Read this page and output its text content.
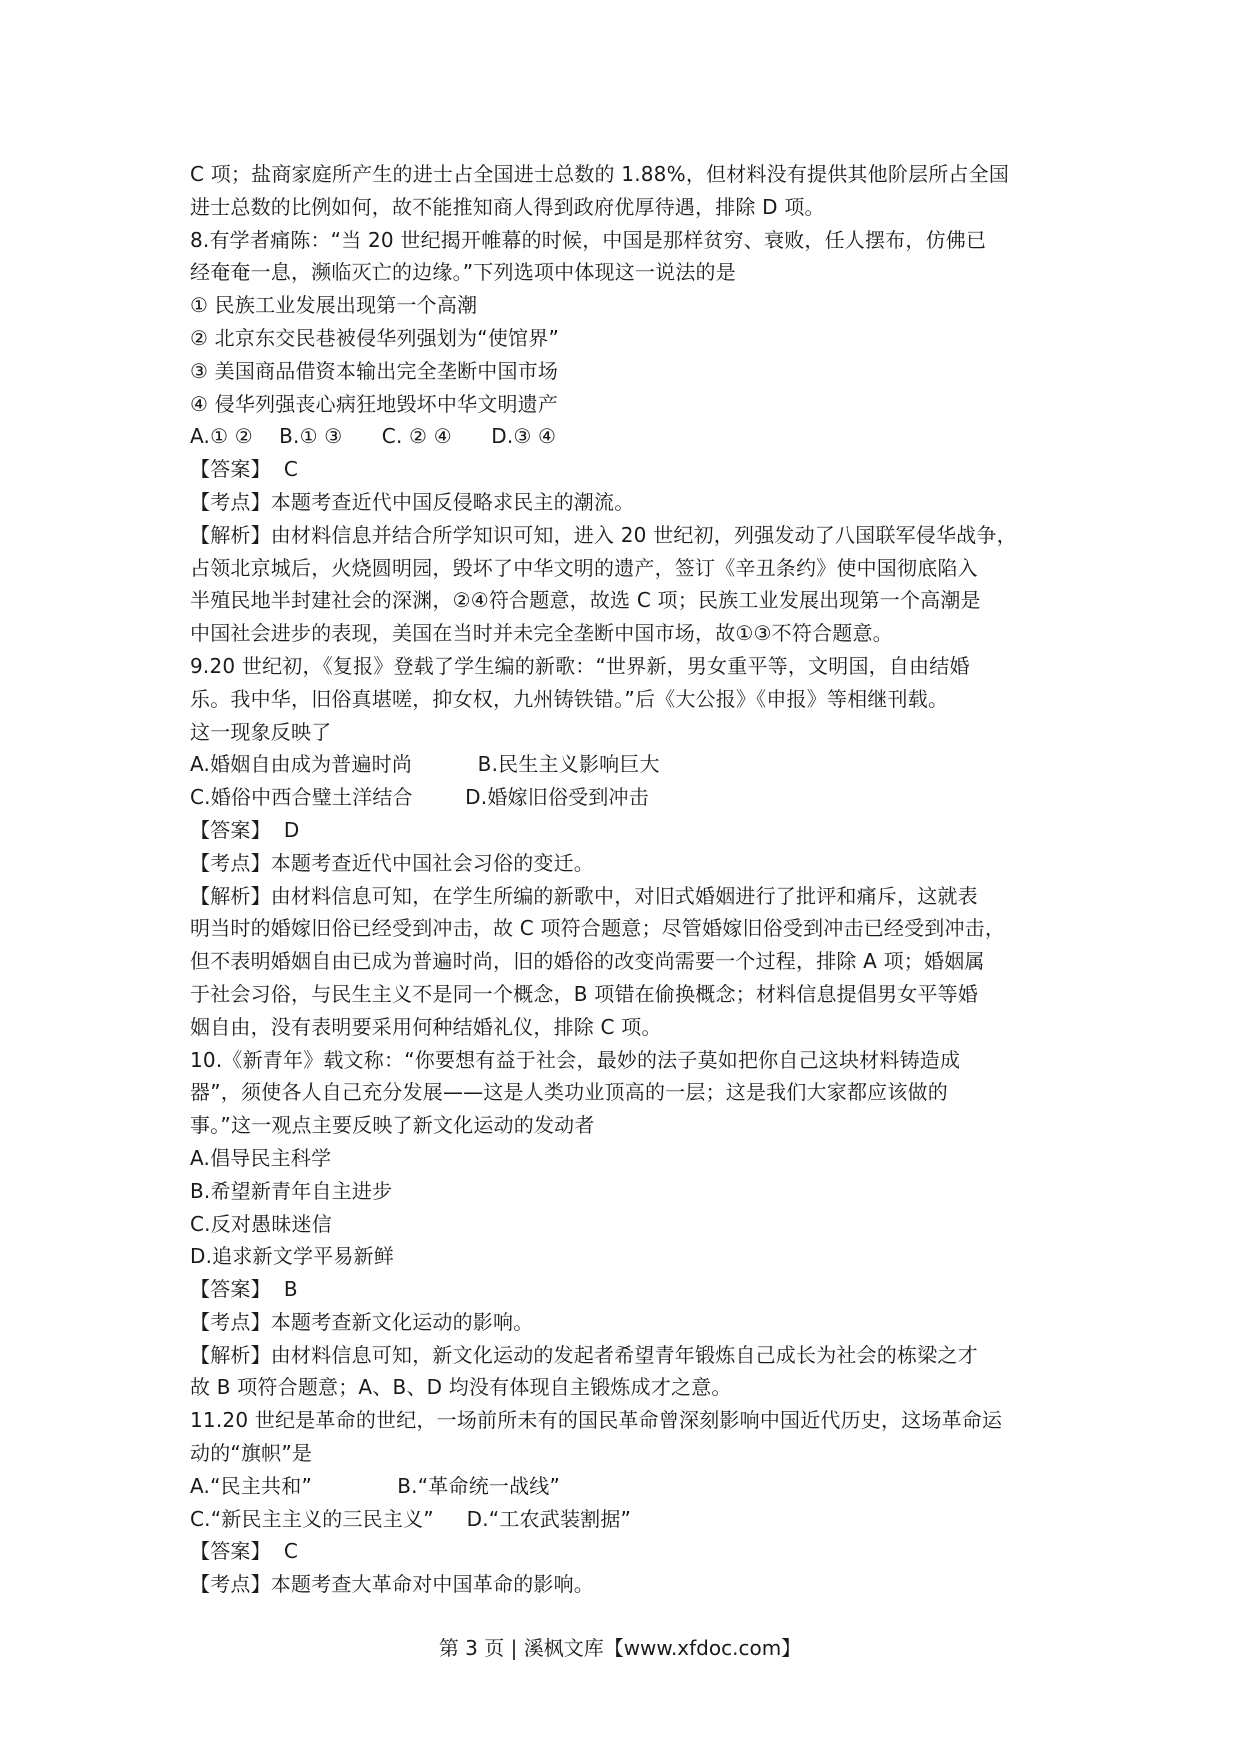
C 项；盐商家庭所产生的进士占全国进士总数的 1.88%，但材料没有提供其他阶层所占全国
进士总数的比例如何，故不能推知商人得到政府优厚待遇，排除 D 项。
8.有学者痛陈：“当 20 世纪揭开帷幕的时候，中国是那样贫穷、衰败，任人摆布，仿佛已
经奄奄一息，濒临灭亡的边缘。”下列选项中体现这一说法的是
① 民族工业发展出现第一个高潮
② 北京东交民巷被侵华列强划为“使馆界”
③ 美国商品借资本输出完全垄断中国市场
④ 侵华列强丧心病狂地毁坏中华文明遗产
A.① ②    B.① ③      C. ② ④      D.③ ④
【答案】  C
【考点】本题考查近代中国反侵略求民主的潮流。
【解析】由材料信息并结合所学知识可知，进入 20 世纪初，列强发动了八国联军侵华战争，
占领北京城后，火烧圆明园，毁坏了中华文明的遗产，签订《辛丑条约》使中国彻底陷入
半殖民地半封建社会的深渊，②④符合题意，故选 C 项；民族工业发展出现第一个高潮是
中国社会进步的表现，美国在当时并未完全垄断中国市场，故①③不符合题意。
9.20 世纪初，《复报》登载了学生编的新歌：“世界新，男女重平等，文明国，自由结婚
乐。我中华，旧俗真堪嗟，抑女权，九州铸铁错。”后《大公报》《申报》等相继刊载。
这一现象反映了
A.婚姻自由成为普遍时尚          B.民生主义影响巨大
C.婚俗中西合璧土洋结合        D.婚嫁旧俗受到冲击
【答案】  D
【考点】本题考查近代中国社会习俗的变迁。
【解析】由材料信息可知，在学生所编的新歌中，对旧式婚姻进行了批评和痛斥，这就表
明当时的婚嫁旧俗已经受到冲击，故 C 项符合题意；尽管婚嫁旧俗受到冲击已经受到冲击，
但不表明婚姻自由已成为普遍时尚，旧的婚俗的改变尚需要一个过程，排除 A 项；婚姻属
于社会习俗，与民生主义不是同一个概念，B 项错在偷换概念；材料信息提倡男女平等婚
姻自由，没有表明要采用何种结婚礼仪，排除 C 项。
10.《新青年》载文称：“你要想有益于社会，最妙的法子莫如把你自己这块材料铸造成
器”，须使各人自己充分发展——这是人类功业顶高的一层；这是我们大家都应该做的
事。”这一观点主要反映了新文化运动的发动者
A.倡导民主科学
B.希望新青年自主进步
C.反对愚昧迷信
D.追求新文学平易新鲜
【答案】  B
【考点】本题考查新文化运动的影响。
【解析】由材料信息可知，新文化运动的发起者希望青年锻炼自己成长为社会的栋梁之才
故 B 项符合题意；A、B、D 均没有体现自主锻炼成才之意。
11.20 世纪是革命的世纪，一场前所未有的国民革命曾深刻影响中国近代历史，这场革命运
动的“旗帜”是
A.“民主共和”             B.“革命统一战线”
C.“新民主主义的三民主义”     D.“工农武装割据”
【答案】  C
【考点】本题考查大革命对中国革命的影响。
第 3 页 | 溪枫文库【www.xfdoc.com】
